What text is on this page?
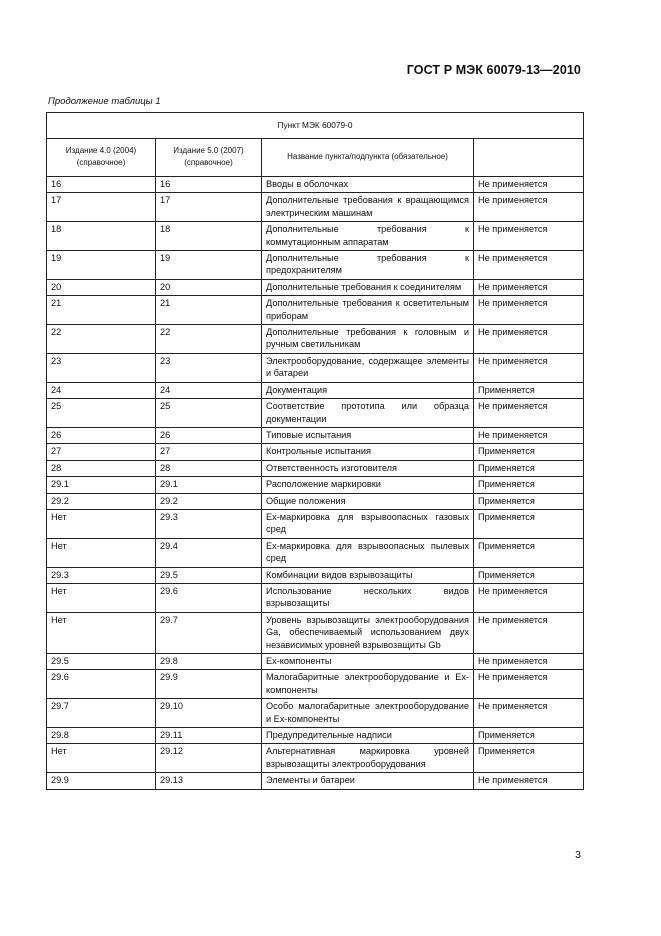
ГОСТ Р МЭК 60079-13—2010
Продолжение таблицы 1
Пункт МЭК 60079-0			
Издание 4.0 (2004) (справочное)	Издание 5.0 (2007) (справочное)	Название пункта/подпункта (обязательное)	
16	16	Вводы в оболочках	Не применяется
17	17	Дополнительные требования к вращающимся электрическим машинам	Не применяется
18	18	Дополнительные требования к коммутационным аппаратам	Не применяется
19	19	Дополнительные требования к предохранителям	Не применяется
20	20	Дополнительные требования к соединителям	Не применяется
21	21	Дополнительные требования к осветительным приборам	Не применяется
22	22	Дополнительные требования к головным и ручным светильникам	Не применяется
23	23	Электрооборудование, содержащее элементы и батареи	Не применяется
24	24	Документация	Применяется
25	25	Соответствие прототипа или образца документации	Не применяется
26	26	Типовые испытания	Не применяется
27	27	Контрольные испытания	Применяется
28	28	Ответственность изготовителя	Применяется
29.1	29.1	Расположение маркировки	Применяется
29.2	29.2	Общие положения	Применяется
Нет	29.3	Ex-маркировка для взрывоопасных газовых сред	Применяется
Нет	29.4	Ex-маркировка для взрывоопасных пылевых сред	Применяется
29.3	29.5	Комбинации видов взрывозащиты	Применяется
Нет	29.6	Использование нескольких видов взрывозащиты	Не применяется
Нет	29.7	Уровень взрывозащиты электрооборудования Ga, обеспечиваемый использованием двух независимых уровней взрывозащиты Gb	Не применяется
29.5	29.8	Ex-компоненты	Не применяется
29.6	29.9	Малогабаритные электрооборудование и Ex-компоненты	Не применяется
29.7	29.10	Особо малогабаритные электрооборудование и Ex-компоненты	Не применяется
29.8	29.11	Предупредительные надписи	Применяется
Нет	29.12	Альтернативная маркировка уровней взрывозащиты электрооборудования	Применяется
29.9	29.13	Элементы и батареи	Не применяется
3
